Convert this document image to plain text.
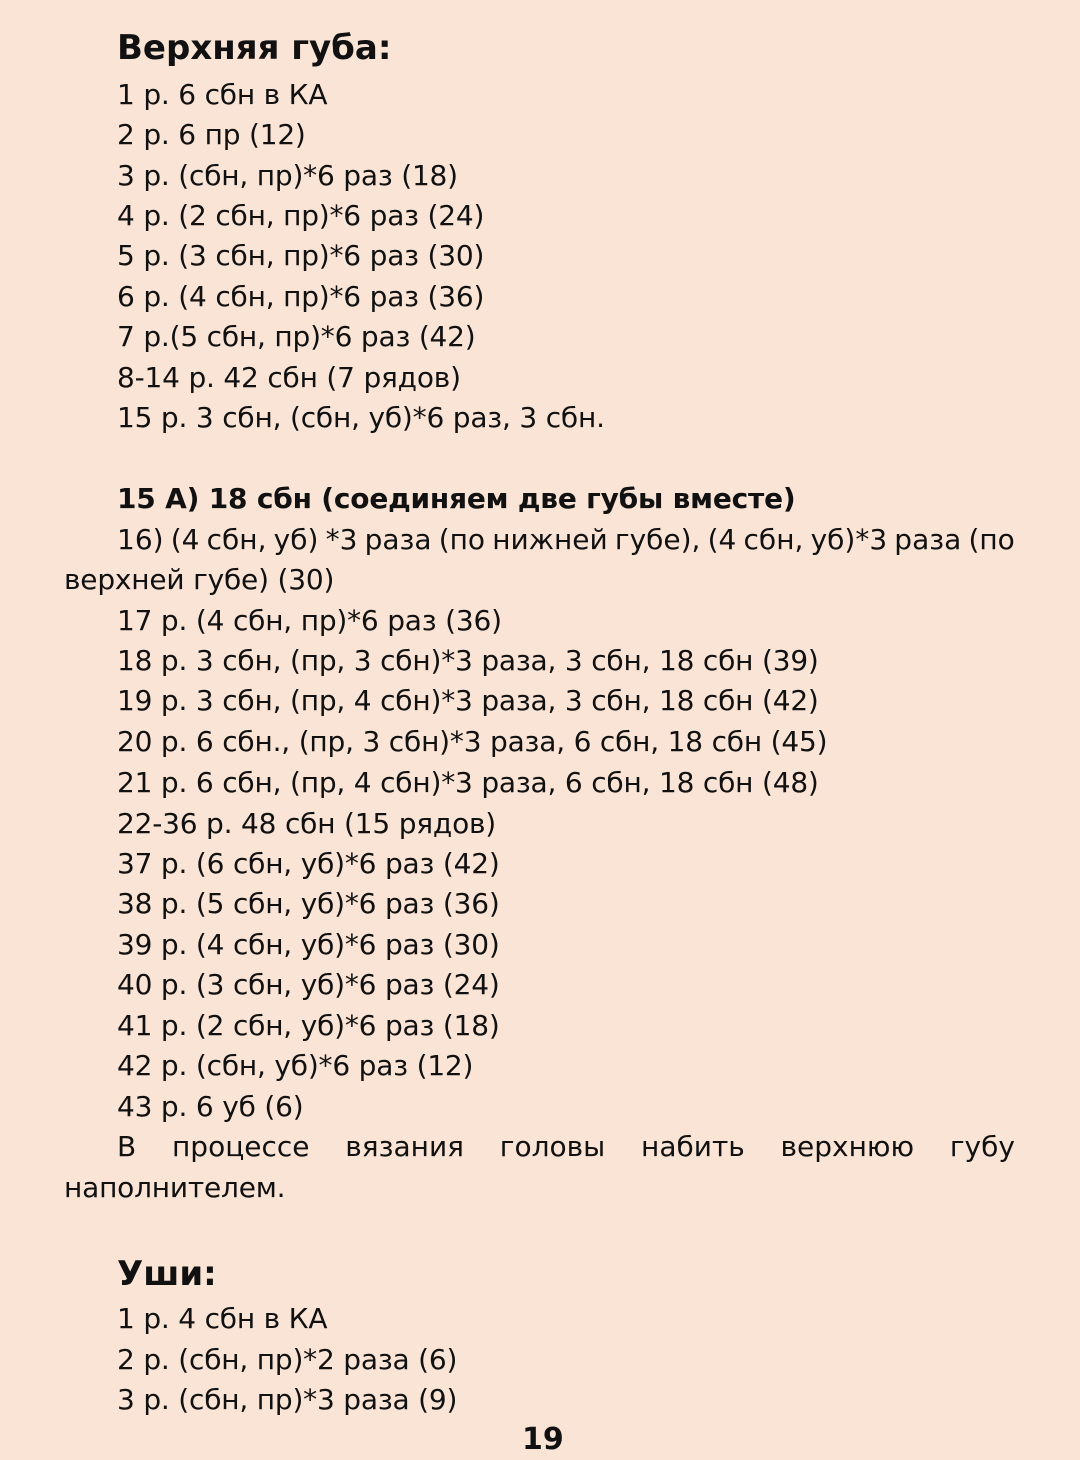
Верхняя губа:
1 р. 6 сбн в КА
2 р. 6 пр (12)
3 р. (сбн, пр)*6 раз (18)
4 р. (2 сбн, пр)*6 раз (24)
5 р. (3 сбн, пр)*6 раз (30)
6 р. (4 сбн, пр)*6 раз (36)
7 р.(5 сбн, пр)*6 раз (42)
8-14 р. 42 сбн (7 рядов)
15 р. 3 сбн, (сбн, уб)*6 раз, 3 сбн.
15 А) 18 сбн (соединяем две губы вместе)
16) (4 сбн, уб) *3 раза (по нижней губе), (4 сбн, уб)*3 раза (по
верхней губе) (30)
17 р. (4 сбн, пр)*6 раз (36)
18 р. 3 сбн, (пр, 3 сбн)*3 раза, 3 сбн, 18 сбн (39)
19 р. 3 сбн, (пр, 4 сбн)*3 раза, 3 сбн, 18 сбн (42)
20 р. 6 сбн., (пр, 3 сбн)*3 раза, 6 сбн, 18 сбн (45)
21 р. 6 сбн, (пр, 4 сбн)*3 раза, 6 сбн, 18 сбн (48)
22-36 р. 48 сбн (15 рядов)
37 р. (6 сбн, уб)*6 раз (42)
38 р. (5 сбн, уб)*6 раз (36)
39 р. (4 сбн, уб)*6 раз (30)
40 р. (3 сбн, уб)*6 раз (24)
41 р. (2 сбн, уб)*6 раз (18)
42 р. (сбн, уб)*6 раз (12)
43 р. 6 уб (6)
В процессе вязания головы набить верхнюю губу
наполнителем.
Уши:
1 р. 4 сбн в КА
2 р. (сбн, пр)*2 раза (6)
3 р. (сбн, пр)*3 раза (9)
19
